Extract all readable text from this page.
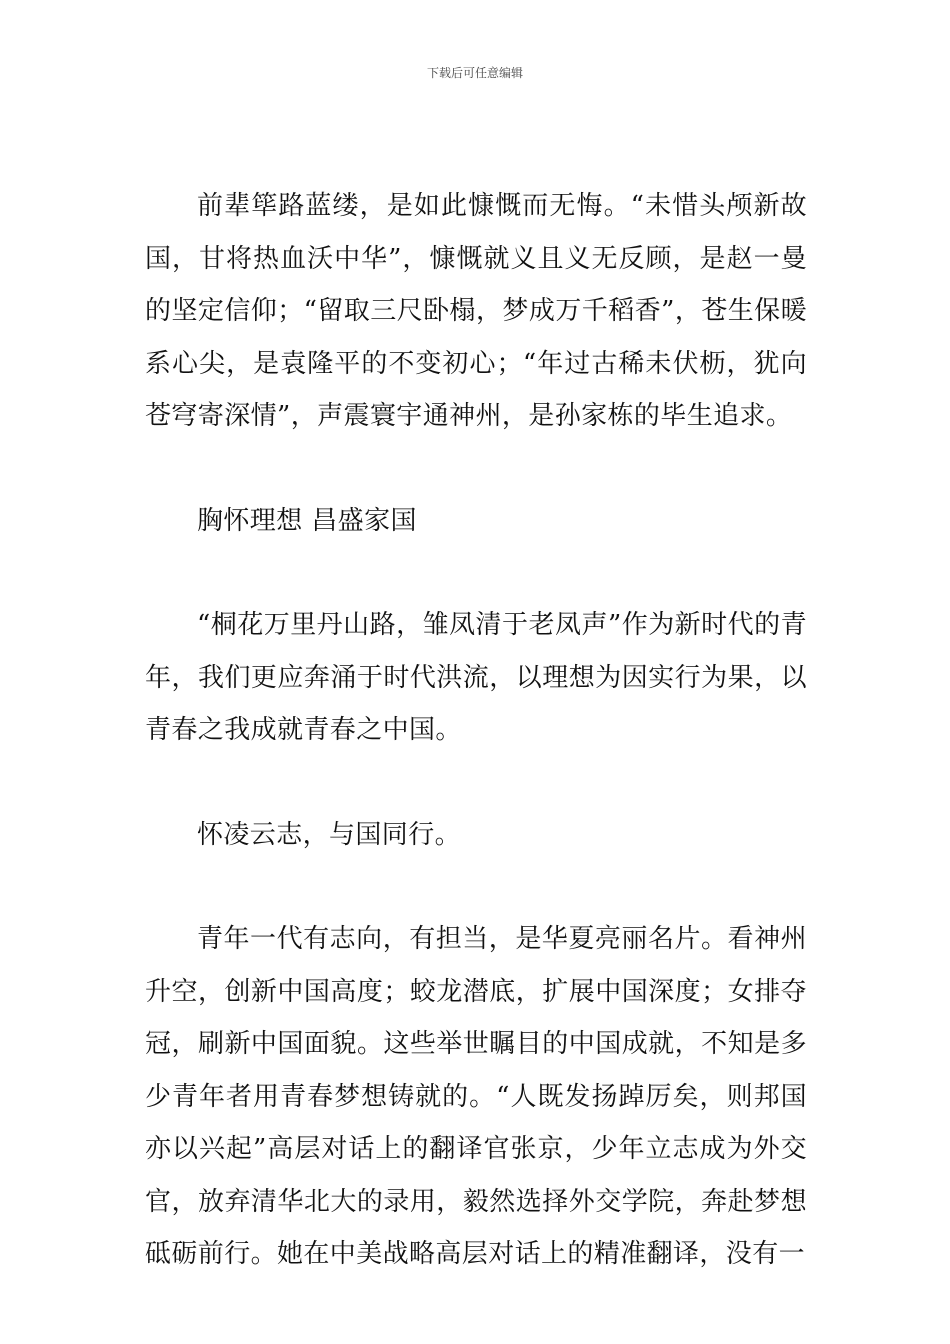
下载后可任意编辑

前辈筚路蓝缕，是如此慷慨而无悔。“未惜头颅新故国，甘将热血沃中华”，慷慨就义且义无反顾，是赵一曼的坚定信仰；“留取三尺卧榻，梦成万千稻香”，苍生保暖系心尖，是袁隆平的不变初心；“年过古稀未伏枥，犹向苍穹寄深情”，声震寰宇通神州，是孙家栋的毕生追求。

胸怀理想 昌盛家国

“桐花万里丹山路，雏凤清于老凤声”作为新时代的青年，我们更应奔涌于时代洪流，以理想为因实行为果，以青春之我成就青春之中国。

怀凌云志，与国同行。

青年一代有志向，有担当，是华夏亮丽名片。看神州升空，创新中国高度；蛟龙潜底，扩展中国深度；女排夺冠，刷新中国面貌。这些举世瞩目的中国成就，不知是多少青年者用青春梦想铸就的。“人既发扬踔厉矣，则邦国亦以兴起”高层对话上的翻译官张京，少年立志成为外交官，放弃清华北大的录用，毅然选择外交学院，奔赴梦想砥砺前行。她在中美战略高层对话上的精准翻译，没有一
